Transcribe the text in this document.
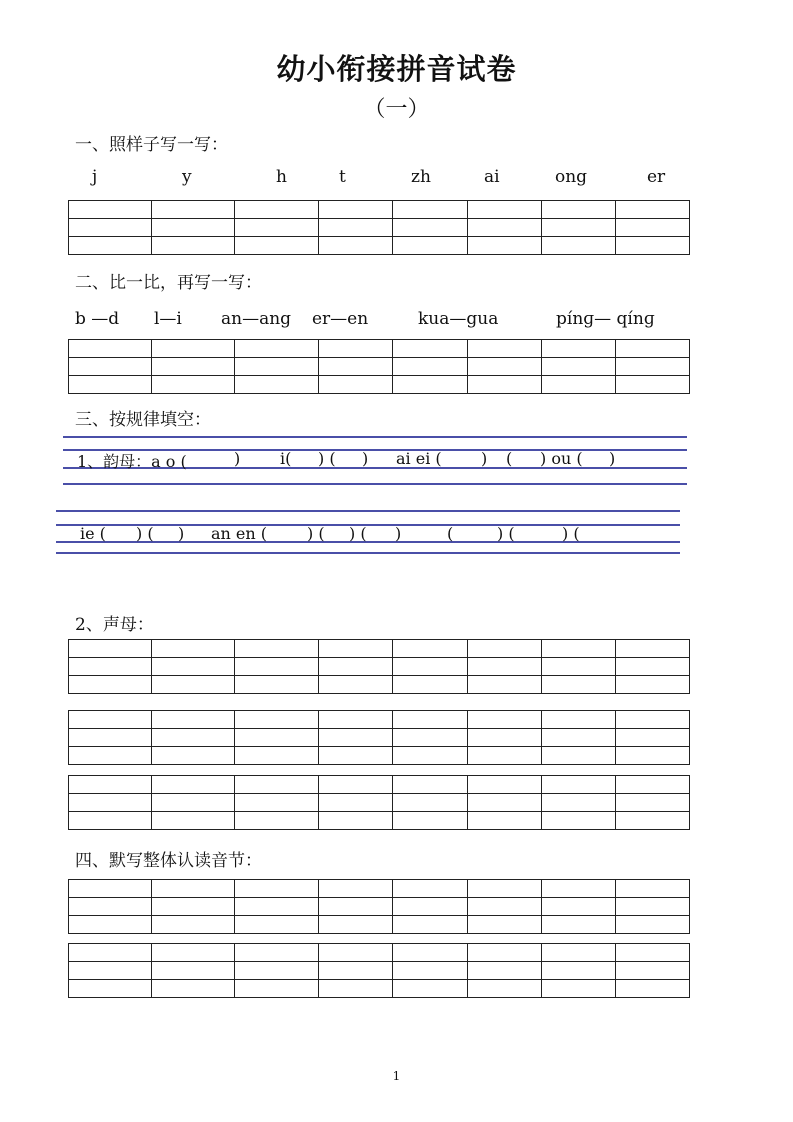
幼小衔接拼音试卷
（一）
一、照样子写一写：
j	y	h	t	zh	ai	ong	er

二、比一比，再写一写：
b —d l—i an—ang er—en	kua—gua	pínɡ— qínɡ

三、按规律填空：
1、韵母：a o (	) i( ) ( ) ai ei ( ) ( ) ou ( )
ie ( ) ( ) an en ( ) ( ) ( )	(	) (	) (
2、声母：

四、默写整体认读音节：

1
